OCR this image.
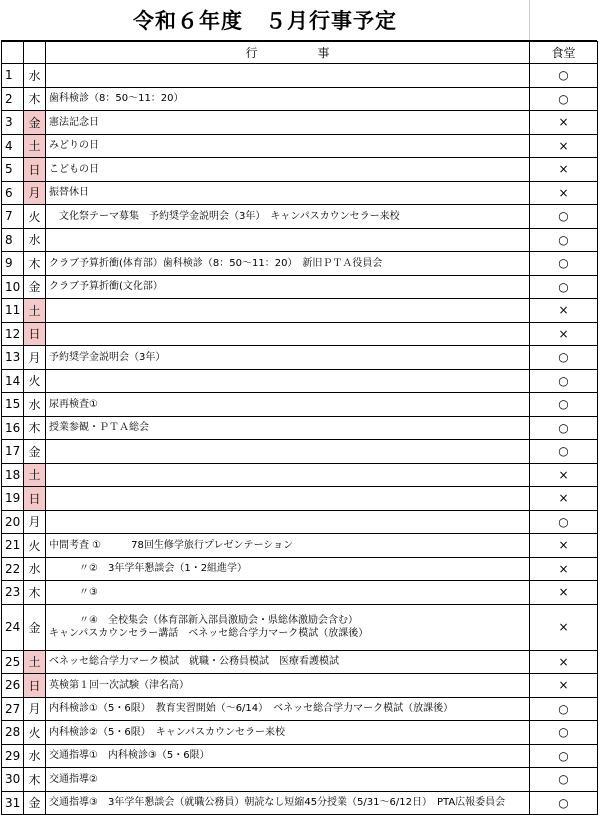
令和６年度　５月行事予定
		行事	食堂
1	水		○
2	木	歯科検診（8：50～11：20）	○
3	金	憲法記念日	×
4	土	みどりの日	×
5	日	こどもの日	×
6	月	振替休日	×
7	火	　文化祭テーマ募集　予約奨学金説明会（3年）　キャンパスカウンセラー来校	○
8	水		○
9	木	クラブ予算折衝(体育部）歯科検診（8：50～11：20）　新旧ＰＴＡ役員会	○
10	金	クラブ予算折衝(文化部）	○
11	土		×
12	日		×
13	月	予約奨学金説明会（3年）	○
14	火		○
15	水	尿再検査①	○
16	木	授業参観・ＰＴＡ総会	○
17	金		○
18	土		×
19	日		×
20	月		○
21	火	中間考査 ①　　　78回生修学旅行プレゼンテーション	×
22	水	　　　〃②　3年学年懇談会（1・2組進学）	×
23	木	　　　〃③	×
24	金	　　　〃④　全校集会（体育部新入部員激励会・県総体激励会含む）
キャンパスカウンセラー講話　ベネッセ総合学力マーク模試（放課後）	×
25	土	ベネッセ総合学力マーク模試　就職・公務員模試　医療看護模試	×
26	日	英検第１回一次試験（津名高）	×
27	月	内科検診①（5・6限）　教育実習開始（～6/14）　ベネッセ総合学力マーク模試（放課後）	○
28	火	内科検診②（5・6限）　キャンパスカウンセラー来校	○
29	水	交通指導①　内科検診③（5・6限）	○
30	木	交通指導②	○
31	金	交通指導③　3年学年懇談会（就職公務員）朝読なし短縮45分授業（5/31～6/12日）　PTA広報委員会	○
